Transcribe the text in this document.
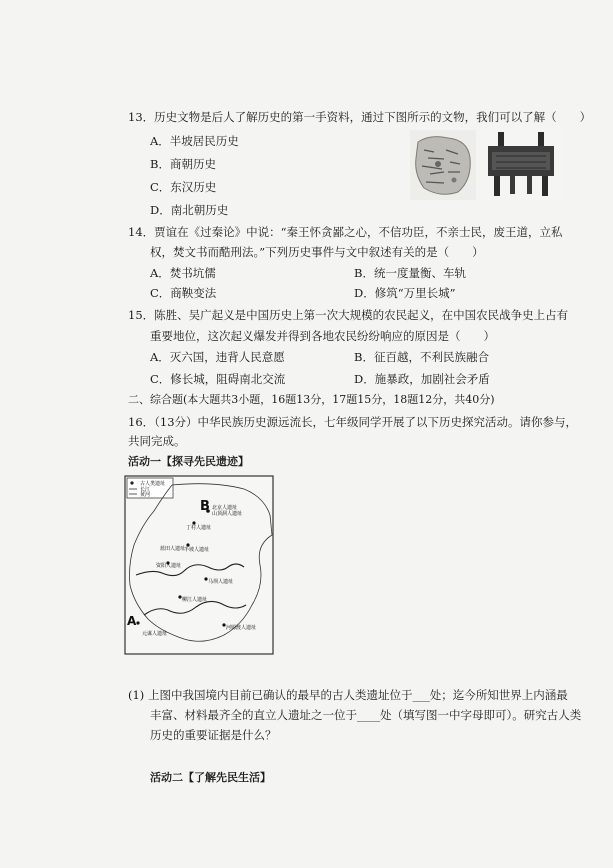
13．历史文物是后人了解历史的第一手资料，通过下图所示的文物，我们可以了解（　　）
A．半坡居民历史
B．商朝历史
C．东汉历史
D．南北朝历史
14．贾谊在《过秦论》中说：“秦王怀贪鄙之心，不信功臣，不亲士民，废王道，立私
权，焚文书而酷刑法。”下列历史事件与文中叙述有关的是（　　）
A．焚书坑儒	B．统一度量衡、车轨
C．商鞅变法	D．修筑“万里长城”
15．陈胜、吴广起义是中国历史上第一次大规模的农民起义，在中国农民战争史上占有
重要地位，这次起义爆发并得到各地农民纷纷响应的原因是（　　）
A．灭六国，违背人民意愿	B．征百越，不利民族融合
C．修长城，阻碍南北交流	D．施暴政，加剧社会矛盾
二、综合题(本大题共3小题，16题13分，17题15分，18题12分，共40分)
16．（13分）中华民族历史源远流长，七年级同学开展了以下历史探究活动。请你参与，
共同完成。
活动一【探寻先民遗迹】
古人类遗址
长江
黄河
B
A
北京人遗址
山顶洞人遗址
丁村人遗址
蓝田人遗址
马坝人遗址
柳江人遗址
元谋人遗址
资阳人遗址
河姆渡人遗址
半坡人遗址
(1) 上图中我国境内目前已确认的最早的古人类遗址位于___处；迄今所知世界上内涵最
丰富、材料最齐全的直立人遗址之一位于____处（填写图一中字母即可）。研究古人类
历史的重要证据是什么？
活动二【了解先民生活】
